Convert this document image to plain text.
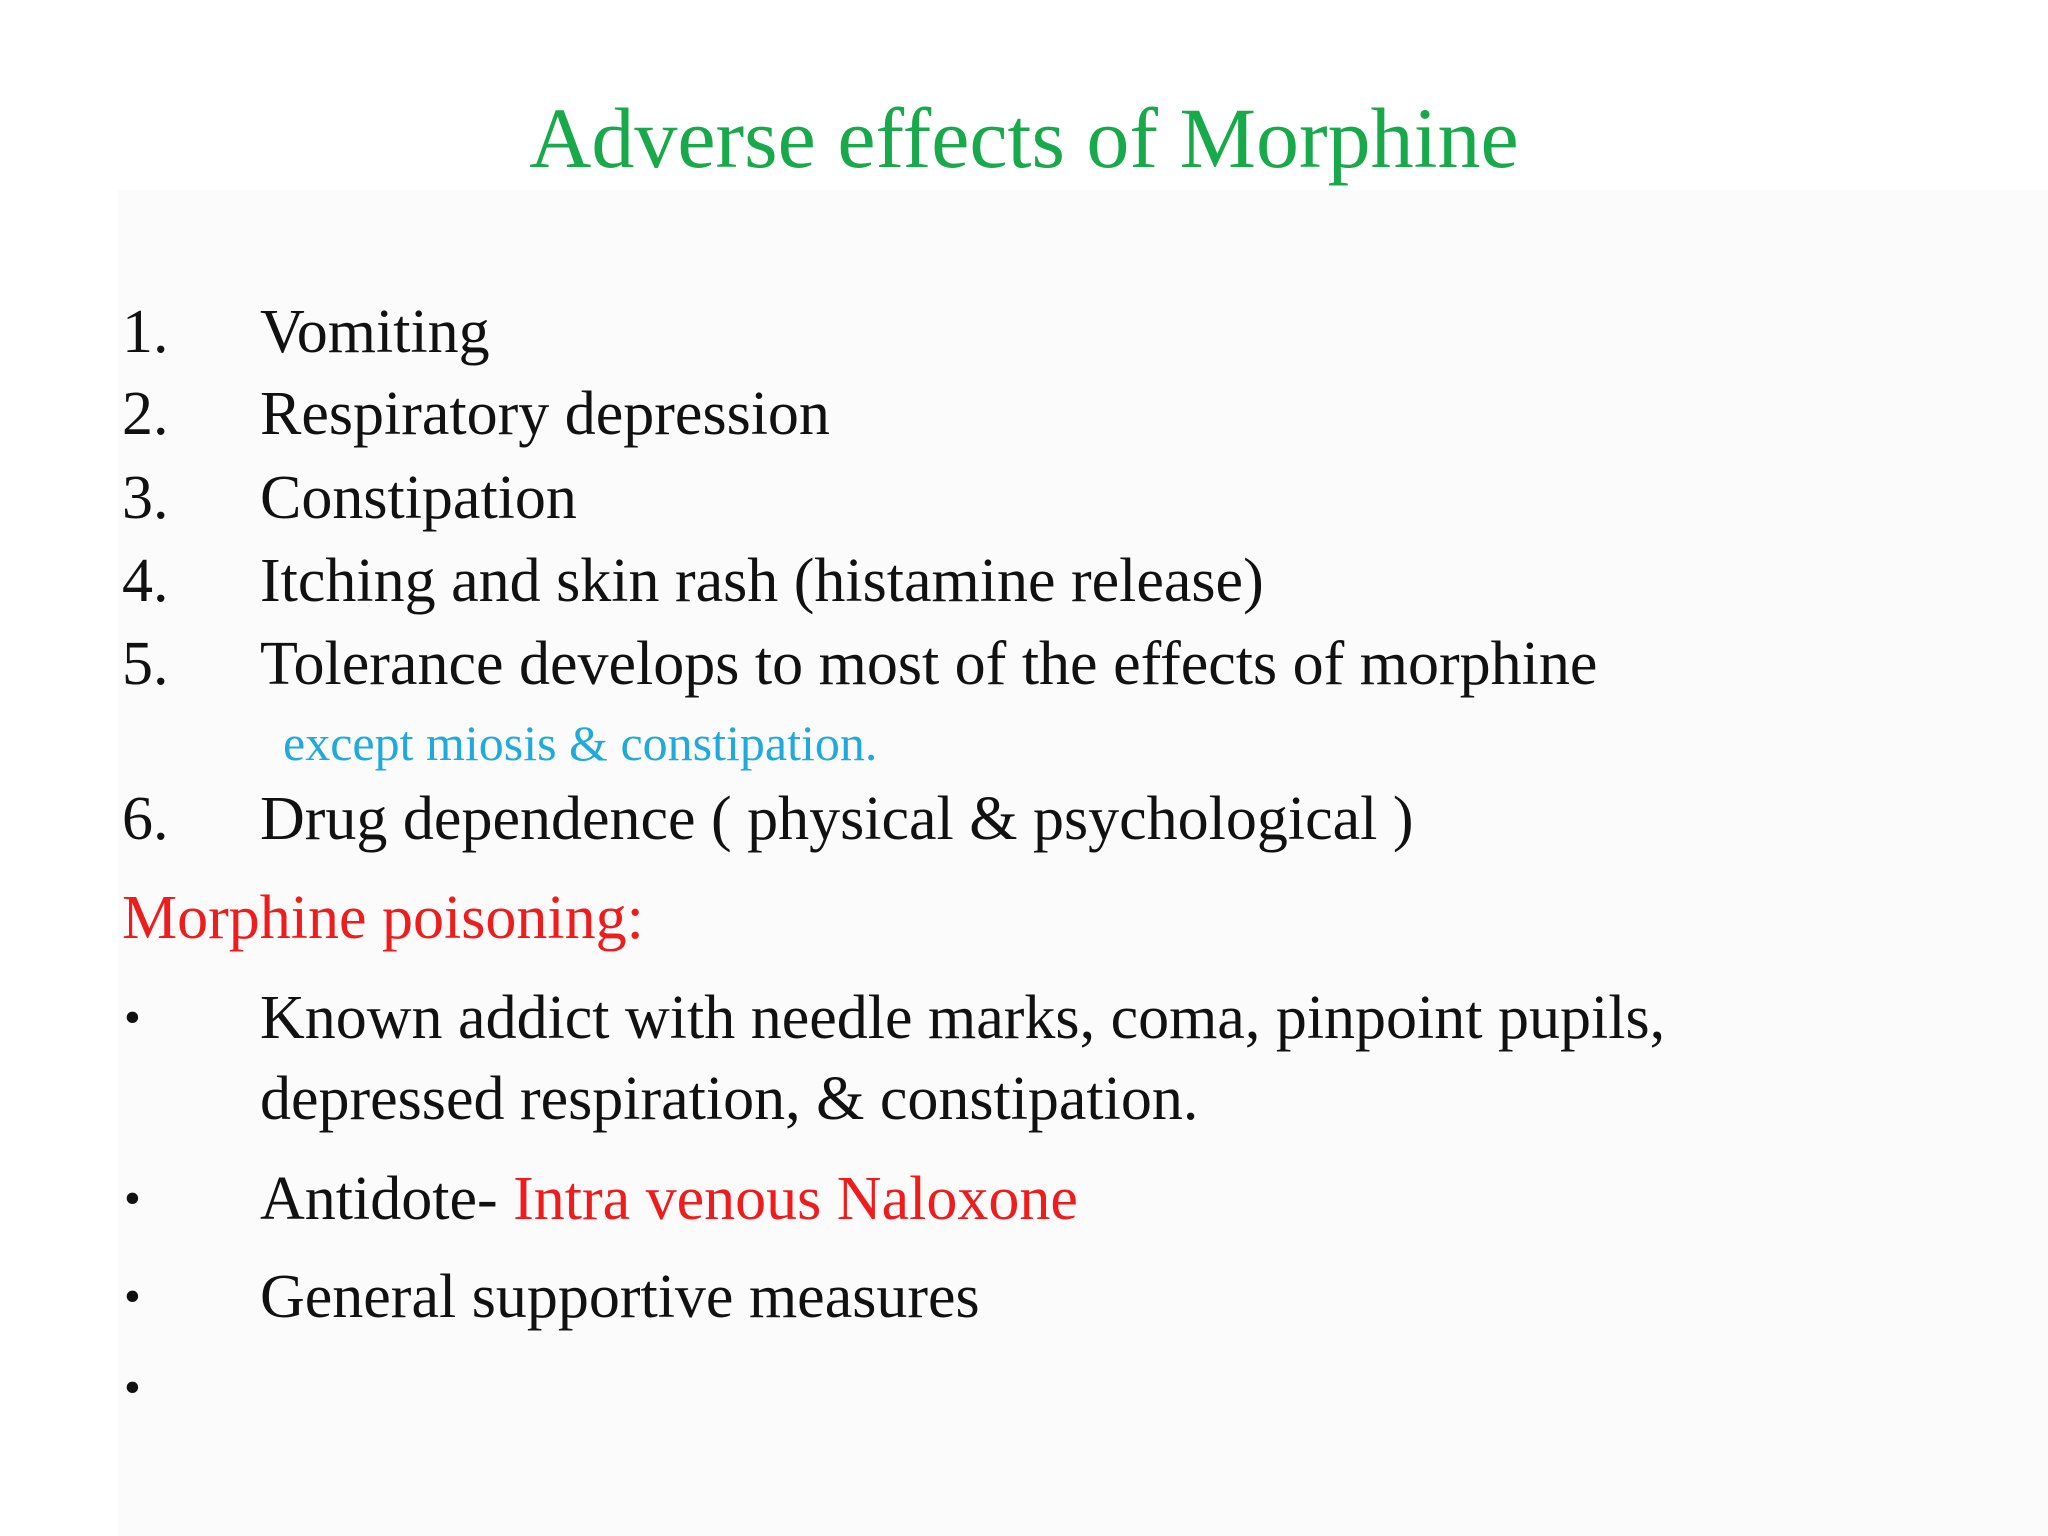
Adverse effects of Morphine
1. Vomiting
2. Respiratory depression
3. Constipation
4. Itching and skin rash (histamine release)
5. Tolerance develops to most of the effects of morphine
except miosis & constipation.
6. Drug dependence ( physical & psychological )
Morphine poisoning:
• Known addict with needle marks, coma, pinpoint pupils,
depressed respiration, & constipation.
• Antidote- Intra venous Naloxone
• General supportive measures
•
